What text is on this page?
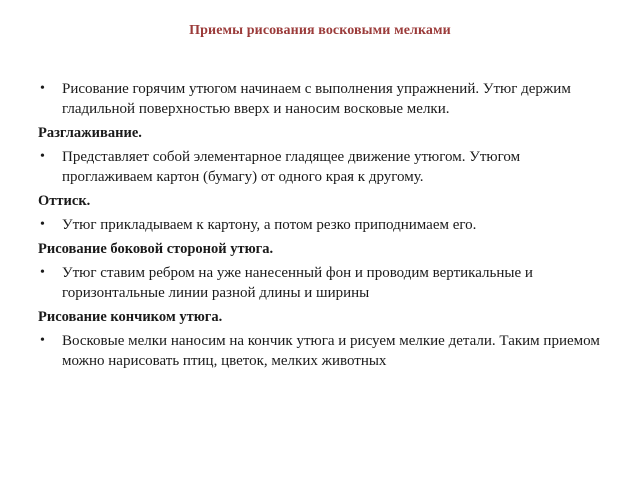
Приемы рисования восковыми мелками
• Рисование горячим утюгом начинаем с выполнения упражнений. Утюг держим гладильной поверхностью вверх и наносим восковые мелки.
Разглаживание.
• Представляет собой элементарное гладящее движение утюгом. Утюгом проглаживаем картон (бумагу) от одного края к другому.
Оттиск.
• Утюг прикладываем к картону, а потом резко приподнимаем его.
Рисование боковой стороной утюга.
• Утюг ставим ребром на уже нанесенный фон и проводим вертикальные и горизонтальные линии разной длины и ширины
Рисование кончиком утюга.
• Восковые мелки наносим на кончик утюга и рисуем мелкие детали. Таким приемом можно нарисовать птиц, цветок, мелких животных
